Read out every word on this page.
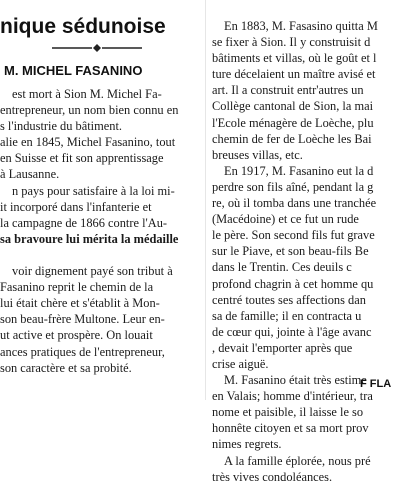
nique sédunoise
M. MICHEL FASANINO
est mort à Sion M. Michel Fa-
entrepreneur, un nom bien connu en
s l'industrie du bâtiment.
alie en 1845, Michel Fasanino, tout
en Suisse et fit son apprentissage
à Lausanne.
n pays pour satisfaire à la loi mi-
it incorporé dans l'infanterie et
la campagne de 1866 contre l'Au-
sa bravoure lui mérita la médaille
voir dignement payé son tribut à
Fasanino reprit le chemin de la
lui était chère et s'établit à Mon-
son beau-frère Multone. Leur en-
ut active et prospère. On louait
ances pratiques de l'entrepreneur,
son caractère et sa probité.
En 1883, M. Fasasino quitta M
se fixer à Sion. Il y construisit d
bâtiments et villas, où le goût et l
ture décelaient un maître avisé et
art. Il a construit entr'autres un
Collège cantonal de Sion, la mai
l'Ecole ménagère de Loèche, plu
chemin de fer de Loèche les Bai
breuses villas, etc.
En 1917, M. Fasanino eut la d
perdre son fils aîné, pendant la g
re, où il tomba dans une tranchée
(Macédoine) et ce fut un rude
le père. Son second fils fut grave
sur le Piave, et son beau-fils Be
dans le Trentin. Ces deuils c
profond chagrin à cet homme qu
centré toutes ses affections dan
sa de famille; il en contracta u
de cœur qui, jointe à l'âge avanc
, devait l'emporter après que
crise aiguë.
M. Fasanino était très estime
en Valais; homme d'intérieur, tra
nome et paisible, il laisse le so
honnête citoyen et sa mort prov
nimes regrets.
A la famille éplorée, nous pré
très vives condoléances.
F FLA
